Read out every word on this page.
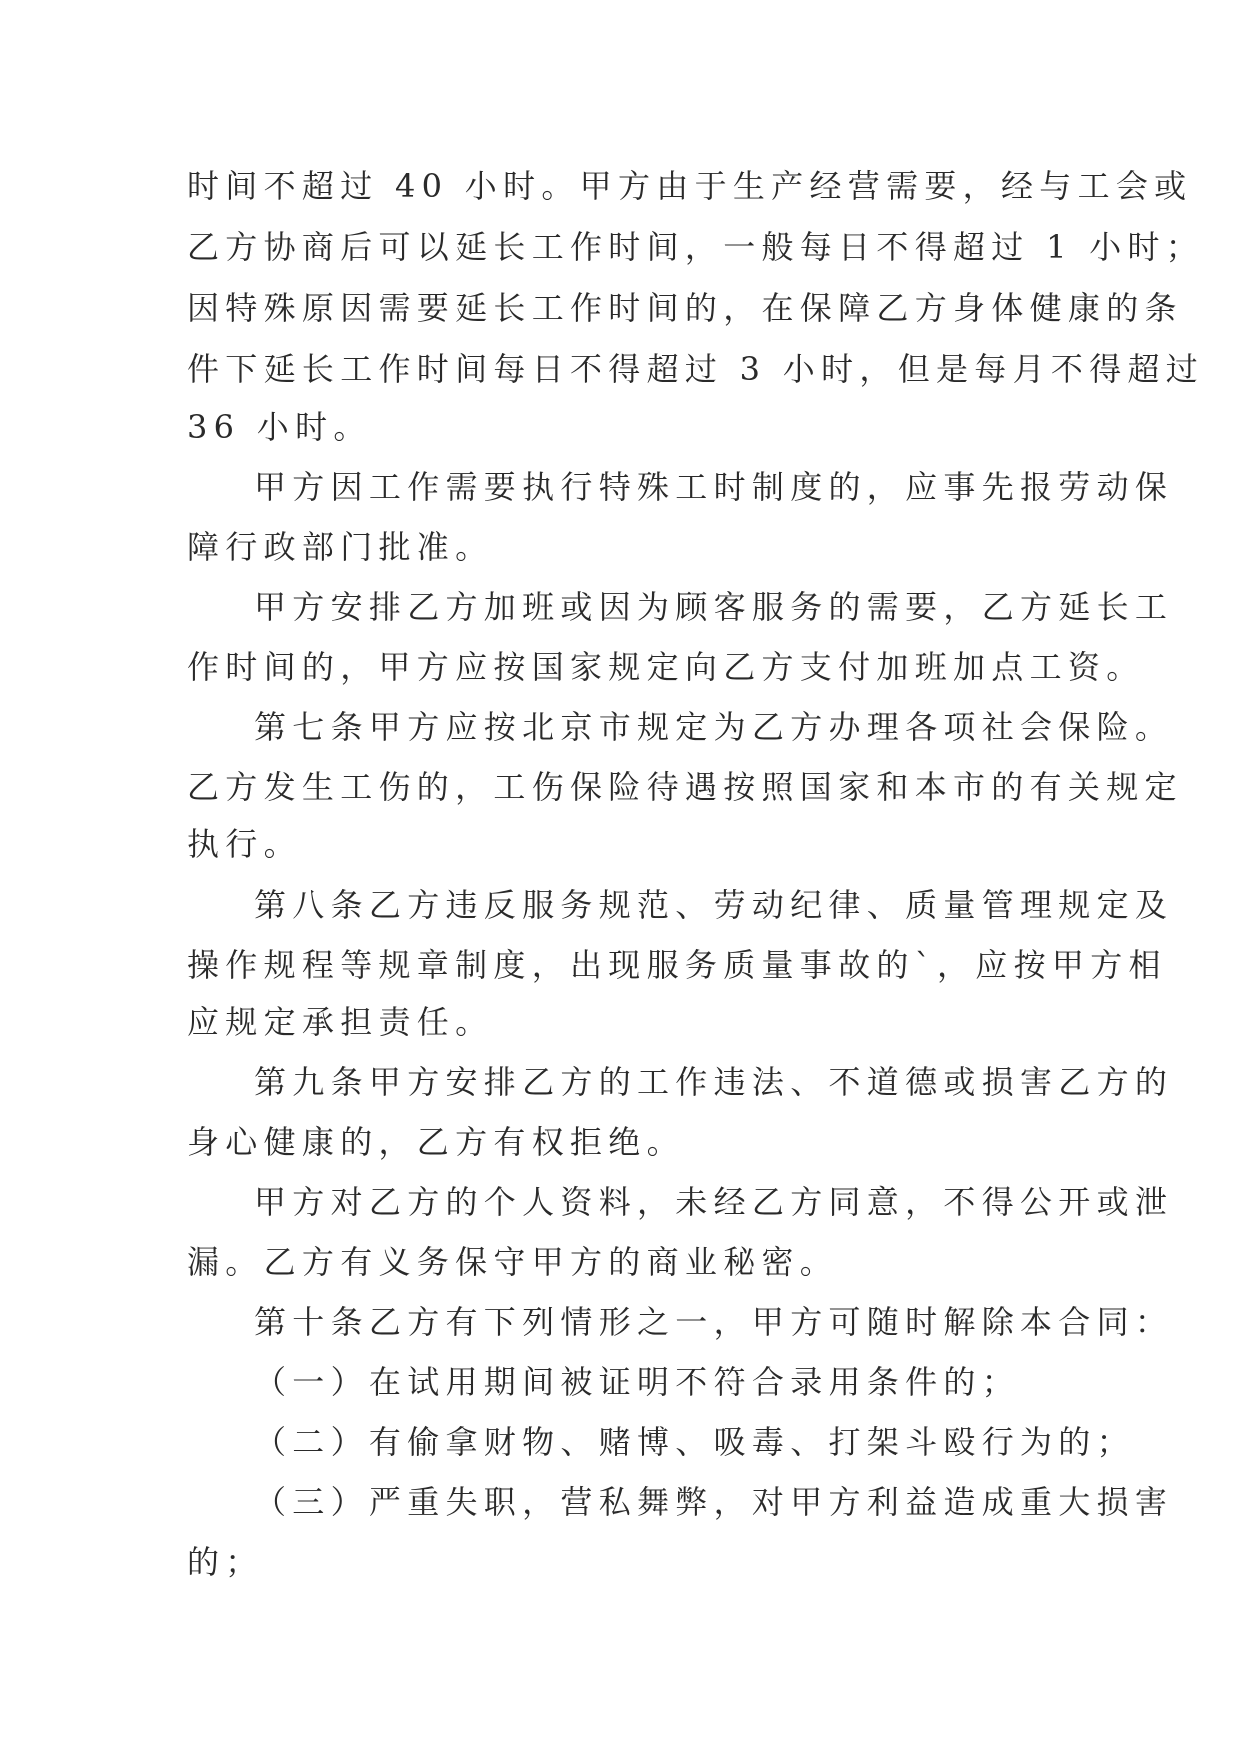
时间不超过 40 小时。甲方由于生产经营需要，经与工会或
乙方协商后可以延长工作时间，一般每日不得超过 1 小时；
因特殊原因需要延长工作时间的，在保障乙方身体健康的条
件下延长工作时间每日不得超过 3 小时，但是每月不得超过
36 小时。
甲方因工作需要执行特殊工时制度的，应事先报劳动保
障行政部门批准。
甲方安排乙方加班或因为顾客服务的需要，乙方延长工
作时间的，甲方应按国家规定向乙方支付加班加点工资。
第七条甲方应按北京市规定为乙方办理各项社会保险。
乙方发生工伤的，工伤保险待遇按照国家和本市的有关规定
执行。
第八条乙方违反服务规范、劳动纪律、质量管理规定及
操作规程等规章制度，出现服务质量事故的`，应按甲方相
应规定承担责任。
第九条甲方安排乙方的工作违法、不道德或损害乙方的
身心健康的，乙方有权拒绝。
甲方对乙方的个人资料，未经乙方同意，不得公开或泄
漏。乙方有义务保守甲方的商业秘密。
第十条乙方有下列情形之一，甲方可随时解除本合同：
（一）在试用期间被证明不符合录用条件的；
（二）有偷拿财物、赌博、吸毒、打架斗殴行为的；
（三）严重失职，营私舞弊，对甲方利益造成重大损害
的；
